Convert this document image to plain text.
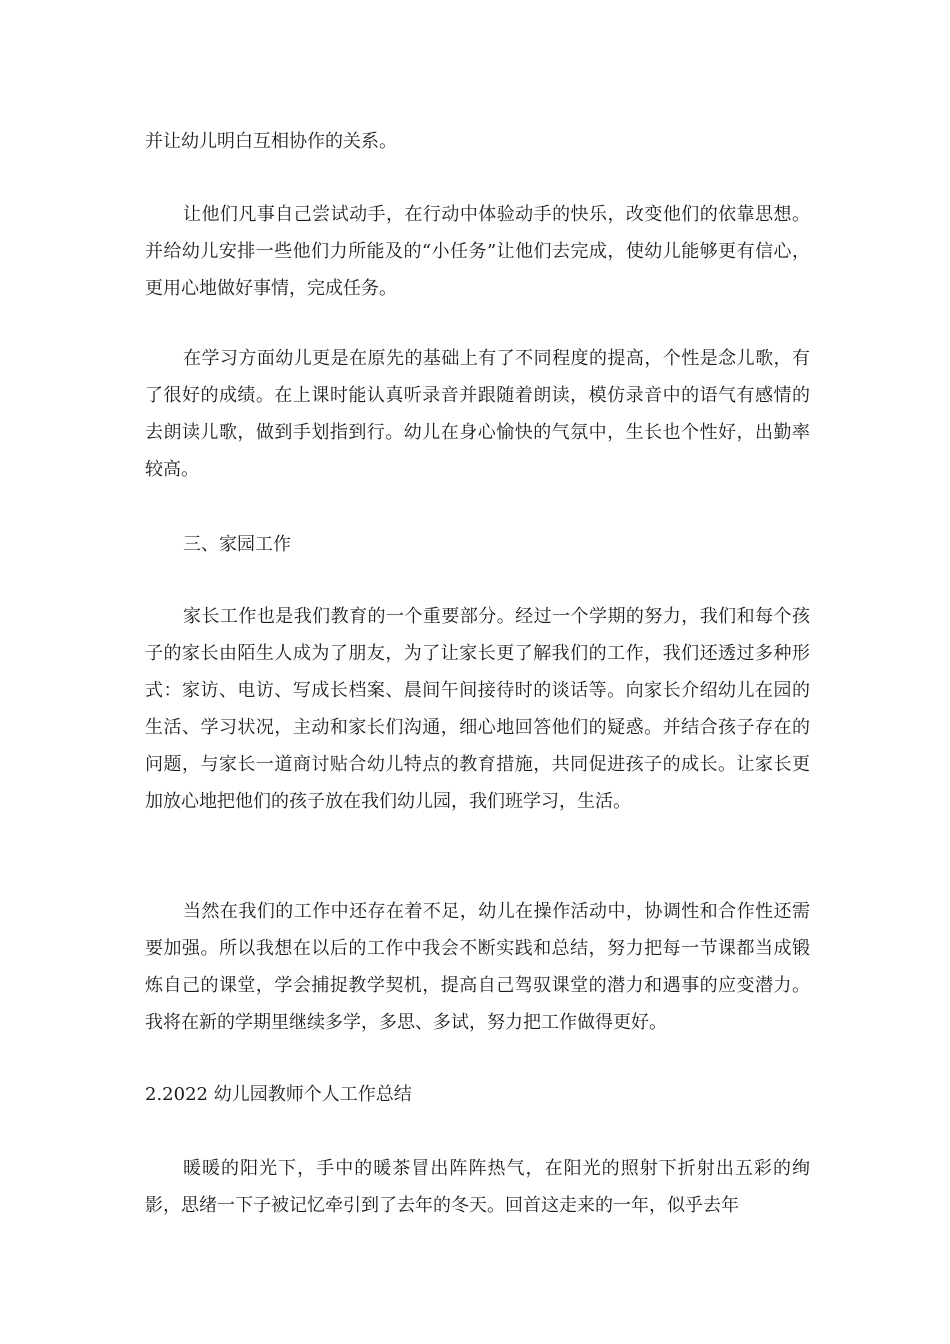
并让幼儿明白互相协作的关系。

让他们凡事自己尝试动手，在行动中体验动手的快乐，改变他们的依靠思想。并给幼儿安排一些他们力所能及的“小任务”让他们去完成，使幼儿能够更有信心，更用心地做好事情，完成任务。

在学习方面幼儿更是在原先的基础上有了不同程度的提高，个性是念儿歌，有了很好的成绩。在上课时能认真听录音并跟随着朗读，模仿录音中的语气有感情的去朗读儿歌，做到手划指到行。幼儿在身心愉快的气氛中，生长也个性好，出勤率较高。

三、家园工作

家长工作也是我们教育的一个重要部分。经过一个学期的努力，我们和每个孩子的家长由陌生人成为了朋友，为了让家长更了解我们的工作，我们还透过多种形式：家访、电访、写成长档案、晨间午间接待时的谈话等。向家长介绍幼儿在园的生活、学习状况，主动和家长们沟通，细心地回答他们的疑惑。并结合孩子存在的问题，与家长一道商讨贴合幼儿特点的教育措施，共同促进孩子的成长。让家长更加放心地把他们的孩子放在我们幼儿园，我们班学习，生活。

当然在我们的工作中还存在着不足，幼儿在操作活动中，协调性和合作性还需要加强。所以我想在以后的工作中我会不断实践和总结，努力把每一节课都当成锻炼自己的课堂，学会捕捉教学契机，提高自己驾驭课堂的潜力和遇事的应变潜力。我将在新的学期里继续多学，多思、多试，努力把工作做得更好。

2.2022 幼儿园教师个人工作总结

暖暖的阳光下，手中的暖茶冒出阵阵热气，在阳光的照射下折射出五彩的绚影，思绪一下子被记忆牵引到了去年的冬天。回首这走来的一年，似乎去年
